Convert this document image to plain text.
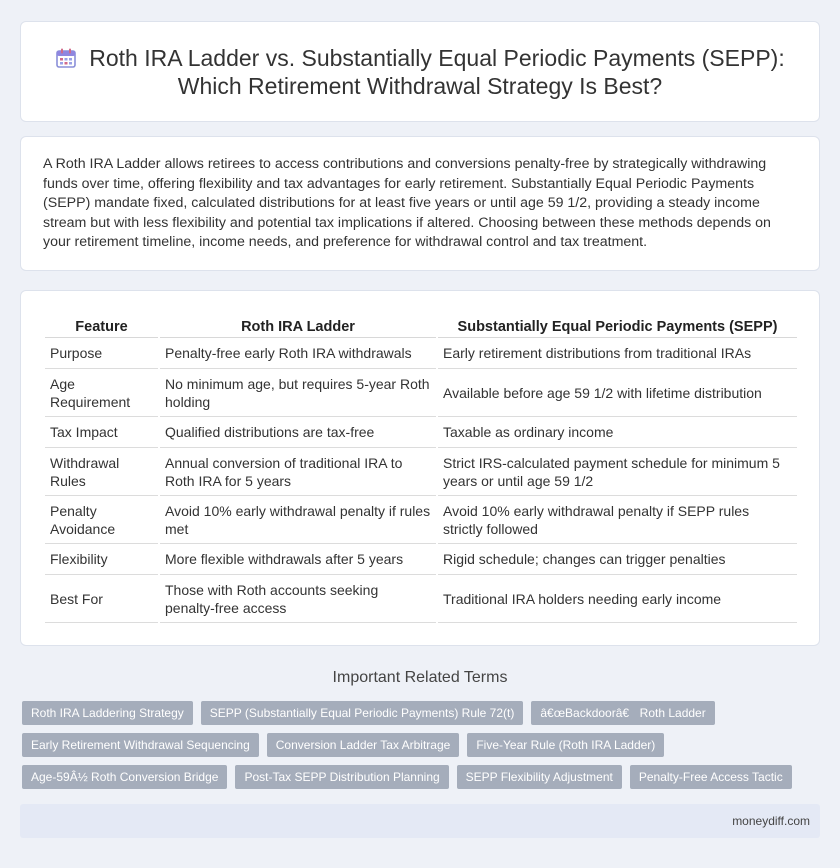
Roth IRA Ladder vs. Substantially Equal Periodic Payments (SEPP): Which Retirement Withdrawal Strategy Is Best?

A Roth IRA Ladder allows retirees to access contributions and conversions penalty-free by strategically withdrawing funds over time, offering flexibility and tax advantages for early retirement. Substantially Equal Periodic Payments (SEPP) mandate fixed, calculated distributions for at least five years or until age 59 1/2, providing a steady income stream but with less flexibility and potential tax implications if altered. Choosing between these methods depends on your retirement timeline, income needs, and preference for withdrawal control and tax treatment.

Feature	Roth IRA Ladder	Substantially Equal Periodic Payments (SEPP)
Purpose	Penalty-free early Roth IRA withdrawals	Early retirement distributions from traditional IRAs
Age Requirement	No minimum age, but requires 5-year Roth holding	Available before age 59 1/2 with lifetime distribution
Tax Impact	Qualified distributions are tax-free	Taxable as ordinary income
Withdrawal Rules	Annual conversion of traditional IRA to Roth IRA for 5 years	Strict IRS-calculated payment schedule for minimum 5 years or until age 59 1/2
Penalty Avoidance	Avoid 10% early withdrawal penalty if rules met	Avoid 10% early withdrawal penalty if SEPP rules strictly followed
Flexibility	More flexible withdrawals after 5 years	Rigid schedule; changes can trigger penalties
Best For	Those with Roth accounts seeking penalty-free access	Traditional IRA holders needing early income
Important Related Terms
Roth IRA Laddering Strategy	SEPP (Substantially Equal Periodic Payments) Rule 72(t)	â€œBackdoorâ€ Roth Ladder
Early Retirement Withdrawal Sequencing	Conversion Ladder Tax Arbitrage	Five-Year Rule (Roth IRA Ladder)
Age-59Â½ Roth Conversion Bridge	Post-Tax SEPP Distribution Planning	SEPP Flexibility Adjustment	Penalty-Free Access Tactic
moneydiff.com
